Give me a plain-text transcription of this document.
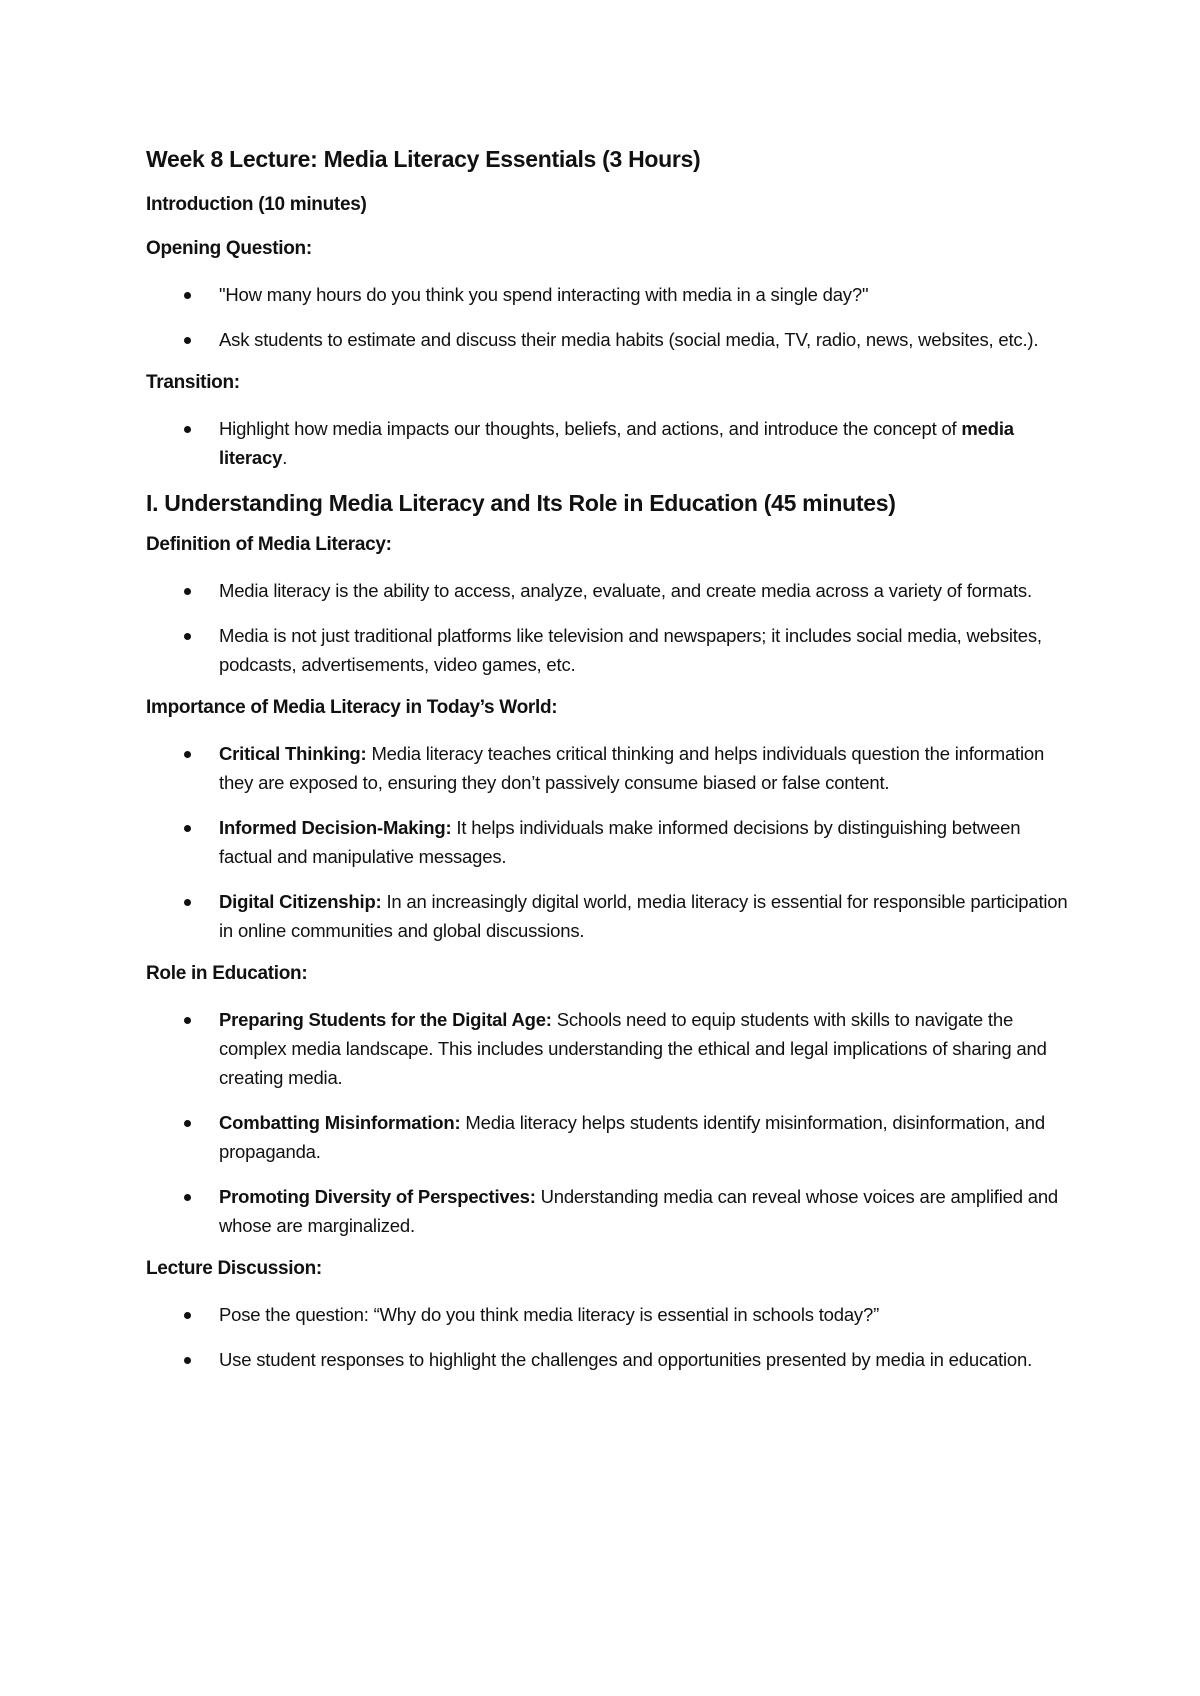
Week 8 Lecture: Media Literacy Essentials (3 Hours)
Introduction (10 minutes)
Opening Question:
"How many hours do you think you spend interacting with media in a single day?"
Ask students to estimate and discuss their media habits (social media, TV, radio, news, websites, etc.).
Transition:
Highlight how media impacts our thoughts, beliefs, and actions, and introduce the concept of media literacy.
I. Understanding Media Literacy and Its Role in Education (45 minutes)
Definition of Media Literacy:
Media literacy is the ability to access, analyze, evaluate, and create media across a variety of formats.
Media is not just traditional platforms like television and newspapers; it includes social media, websites, podcasts, advertisements, video games, etc.
Importance of Media Literacy in Today’s World:
Critical Thinking: Media literacy teaches critical thinking and helps individuals question the information they are exposed to, ensuring they don’t passively consume biased or false content.
Informed Decision-Making: It helps individuals make informed decisions by distinguishing between factual and manipulative messages.
Digital Citizenship: In an increasingly digital world, media literacy is essential for responsible participation in online communities and global discussions.
Role in Education:
Preparing Students for the Digital Age: Schools need to equip students with skills to navigate the complex media landscape. This includes understanding the ethical and legal implications of sharing and creating media.
Combatting Misinformation: Media literacy helps students identify misinformation, disinformation, and propaganda.
Promoting Diversity of Perspectives: Understanding media can reveal whose voices are amplified and whose are marginalized.
Lecture Discussion:
Pose the question: “Why do you think media literacy is essential in schools today?”
Use student responses to highlight the challenges and opportunities presented by media in education.
